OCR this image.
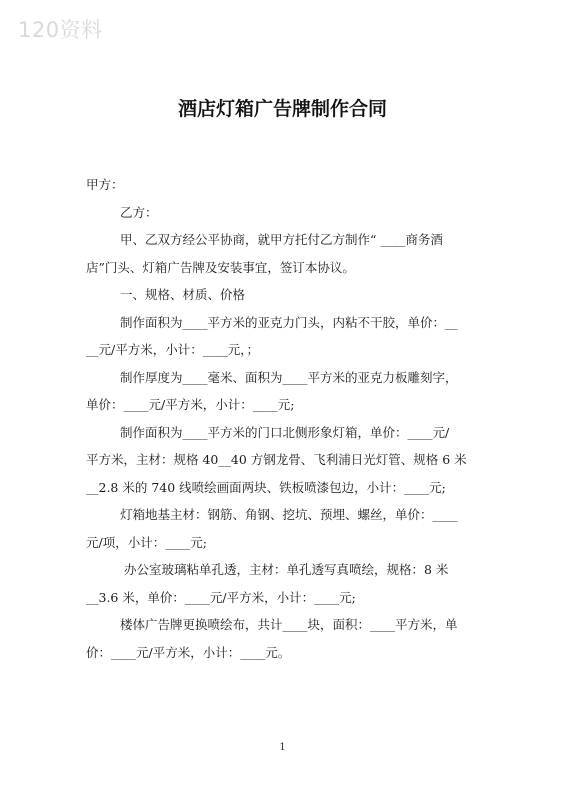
120资料
酒店灯箱广告牌制作合同
甲方：
乙方：
甲、乙双方经公平协商，就甲方托付乙方制作“ ____商务酒
店”门头、灯箱广告牌及安装事宜，签订本协议。
一、规格、材质、价格
制作面积为____平方米的亚克力门头，内粘不干胶，单价：__
__元/平方米，小计：____元，；
制作厚度为____毫米、面积为____平方米的亚克力板雕刻字，
单价：____元/平方米，小计：____元;
制作面积为____平方米的门口北侧形象灯箱，单价：____元/
平方米，主材：规格 40__40 方钢龙骨、飞利浦日光灯管、规格 6 米
__2.8 米的 740 线喷绘画面两块、铁板喷漆包边，小计：____元;
灯箱地基主材：钢筋、角钢、挖坑、预埋、螺丝，单价：____
元/项，小计：____元;
办公室玻璃粘单孔透，主材：单孔透写真喷绘，规格：8 米
__3.6 米，单价：____元/平方米，小计：____元;
楼体广告牌更换喷绘布，共计____块，面积：____平方米，单
价：____元/平方米，小计：____元。
1
